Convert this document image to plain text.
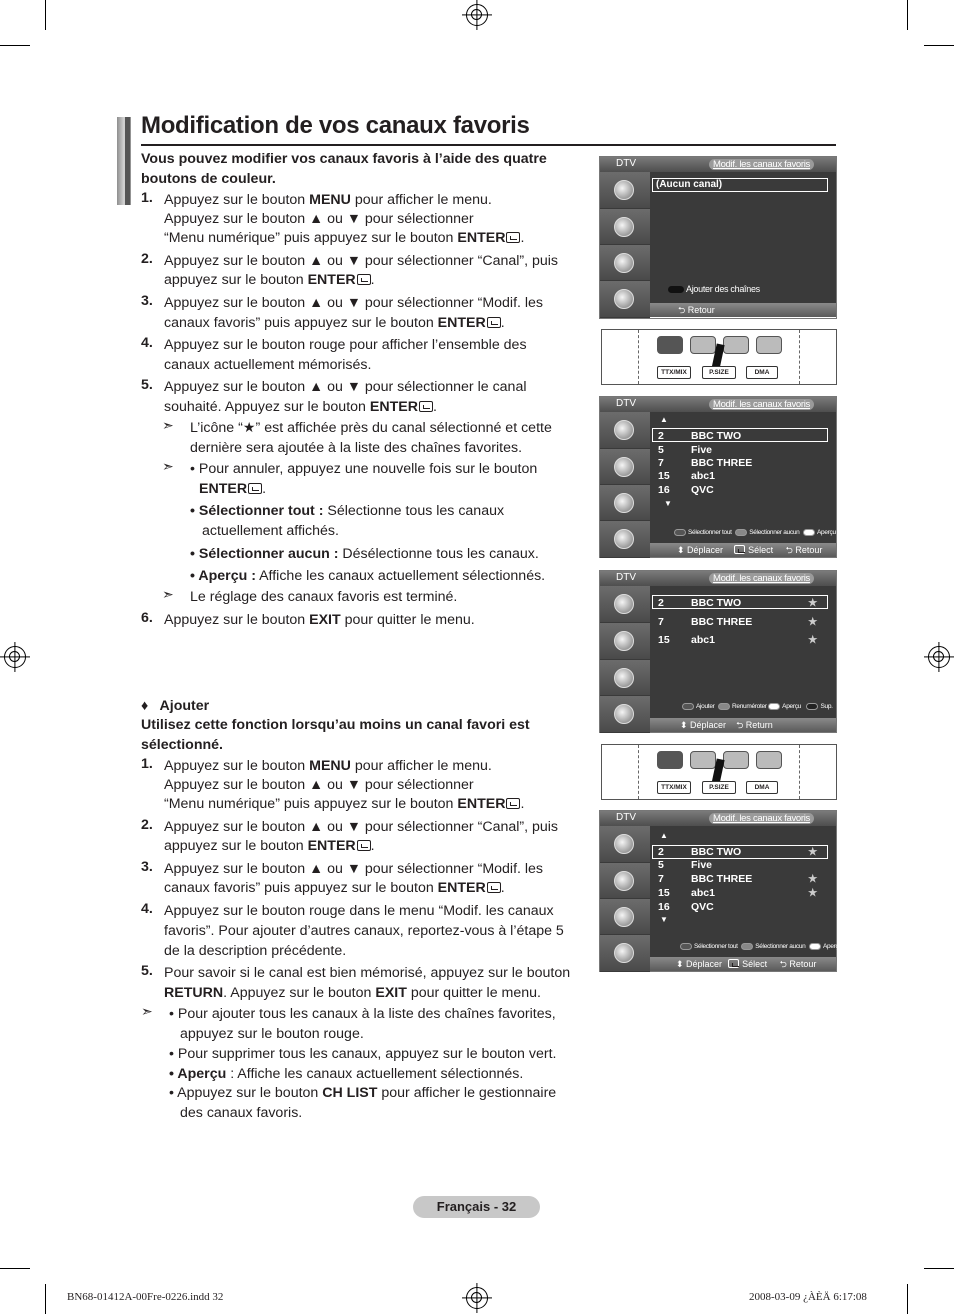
Modification de vos canaux favoris
Vous pouvez modifier vos canaux favoris à l’aide des quatre boutons de couleur.
1. Appuyez sur le bouton MENU pour afficher le menu.
Appuyez sur le bouton ▲ ou ▼ pour sélectionner
“Menu numérique” puis appuyez sur le bouton ENTER .
2. Appuyez sur le bouton ▲ ou ▼ pour sélectionner “Canal”, puis
appuyez sur le bouton ENTER .
3. Appuyez sur le bouton ▲ ou ▼ pour sélectionner “Modif. les
canaux favoris” puis appuyez sur le bouton ENTER .
4. Appuyez sur le bouton rouge pour afficher l’ensemble des
canaux actuellement mémorisés.
5. Appuyez sur le bouton ▲ ou ▼ pour sélectionner le canal
souhaité. Appuyez sur le bouton ENTER .
➣ L’icône “★” est affichée près du canal sélectionné et cette
dernière sera ajoutée à la liste des chaînes favorites.
➣ • Pour annuler, appuyez une nouvelle fois sur le bouton
ENTER .
• Sélectionner tout : Sélectionne tous les canaux
actuellement affichés.
• Sélectionner aucun : Désélectionne tous les canaux.
• Aperçu : Affiche les canaux actuellement sélectionnés.
➣ Le réglage des canaux favoris est terminé.
6. Appuyez sur le bouton EXIT pour quitter le menu.
♦   Ajouter
Utilisez cette fonction lorsqu’au moins un canal favori est
sélectionné.
1. Appuyez sur le bouton MENU pour afficher le menu.
Appuyez sur le bouton ▲ ou ▼ pour sélectionner
“Menu numérique” puis appuyez sur le bouton ENTER .
2. Appuyez sur le bouton ▲ ou ▼ pour sélectionner “Canal”, puis
appuyez sur le bouton ENTER .
3. Appuyez sur le bouton ▲ ou ▼ pour sélectionner “Modif. les
canaux favoris” puis appuyez sur le bouton ENTER .
4. Appuyez sur le bouton rouge dans le menu “Modif. les canaux
favoris”. Pour ajouter d’autres canaux, reportez-vous à l’étape 5
de la description précédente.
5. Pour savoir si le canal est bien mémorisé, appuyez sur le bouton
RETURN. Appuyez sur le bouton EXIT pour quitter le menu.
➣ • Pour ajouter tous les canaux à la liste des chaînes favorites,
appuyez sur le bouton rouge.
• Pour supprimer tous les canaux, appuyez sur le bouton vert.
• Aperçu : Affiche les canaux actuellement sélectionnés.
• Appuyez sur le bouton CH LIST pour afficher le gestionnaire
des canaux favoris.
DTV	Modif. les canaux favoris
(Aucun canal)
Ajouter des chaînes
⮌ Retour
TTX/MIX	P.SIZE	DMA
DTV	Modif. les canaux favoris
▲
2	BBC TWO
5	Five
7	BBC THREE
15 abc1
16 QVC
▼
Sélectionner tout	Sélectionner aucun	Aperçu
⬍ Déplacer	Sélect ⮌ Retour
DTV	Modif. les canaux favoris
2	BBC TWO	★
7	BBC THREE	★
15 abc1	★
Ajouter	Renuméroter Aperçu	Sup.
⬍ Déplacer ⮌ Return
TTX/MIX	P.SIZE	DMA
DTV	Modif. les canaux favoris
▲
2	BBC TWO	★
5	Five
7	BBC THREE	★
15 abc1	★
16 QVC
▼
Sélectionner tout	Sélectionner aucun	Aperçu
⬍ Déplacer Sélect ⮌ Retour
Français - 32
BN68-01412A-00Fre-0226.indd 32	2008-03-09 ¿ÀÈÄ 6:17:08
